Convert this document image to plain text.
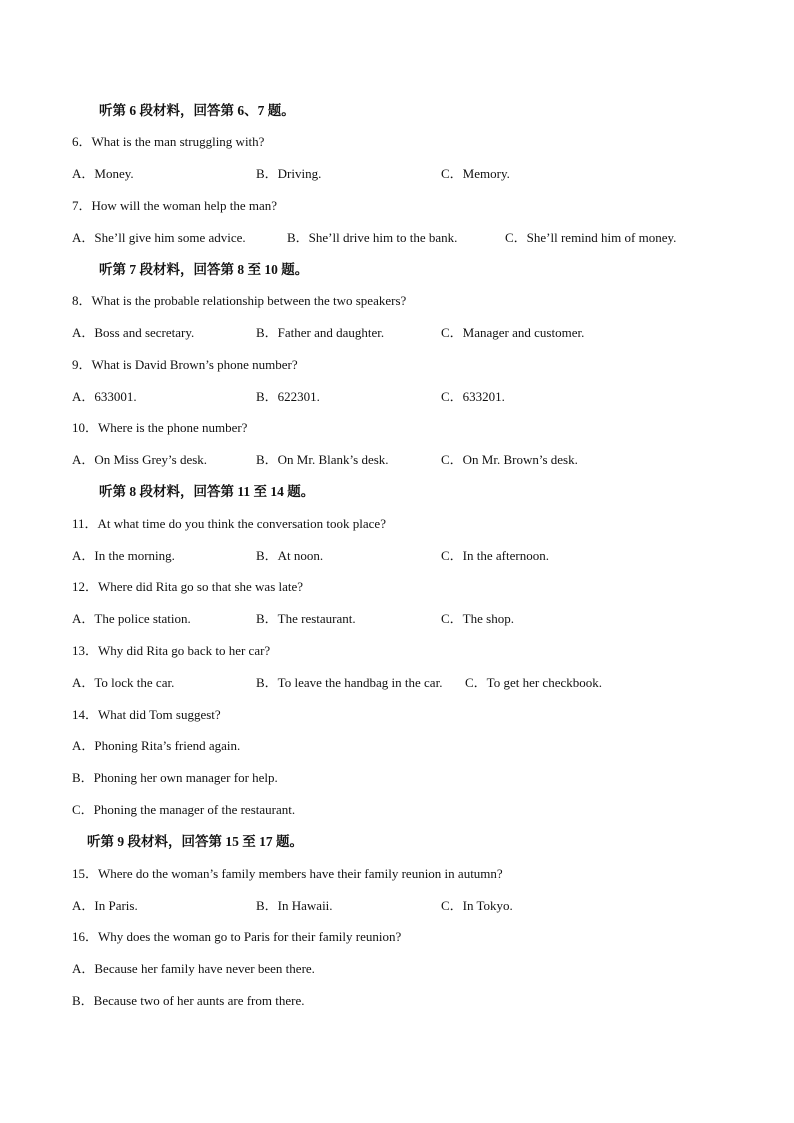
听第 6 段材料，回答第 6、7 题。
6．What is the man struggling with?
A．Money.	B．Driving.	C．Memory.
7．How will the woman help the man?
A．She’ll give him some advice.	B．She’ll drive him to the bank.	C．She’ll remind him of money.
听第 7 段材料，回答第 8 至 10 题。
8．What is the probable relationship between the two speakers?
A．Boss and secretary.	B．Father and daughter.	C．Manager and customer.
9．What is David Brown’s phone number?
A．633001.	B．622301.	C．633201.
10．Where is the phone number?
A．On Miss Grey’s desk.	B．On Mr. Blank’s desk.	C．On Mr. Brown’s desk.
听第 8 段材料，回答第 11 至 14 题。
11．At what time do you think the conversation took place?
A．In the morning.	B．At noon.	C．In the afternoon.
12．Where did Rita go so that she was late?
A．The police station.	B．The restaurant.	C．The shop.
13．Why did Rita go back to her car?
A．To lock the car.	B．To leave the handbag in the car. C．To get her checkbook.
14．What did Tom suggest?
A．Phoning Rita’s friend again.
B．Phoning her own manager for help.
C．Phoning the manager of the restaurant.
听第 9 段材料，回答第 15 至 17 题。
15．Where do the woman’s family members have their family reunion in autumn?
A．In Paris.	B．In Hawaii.	C．In Tokyo.
16．Why does the woman go to Paris for their family reunion?
A．Because her family have never been there.
B．Because two of her aunts are from there.
